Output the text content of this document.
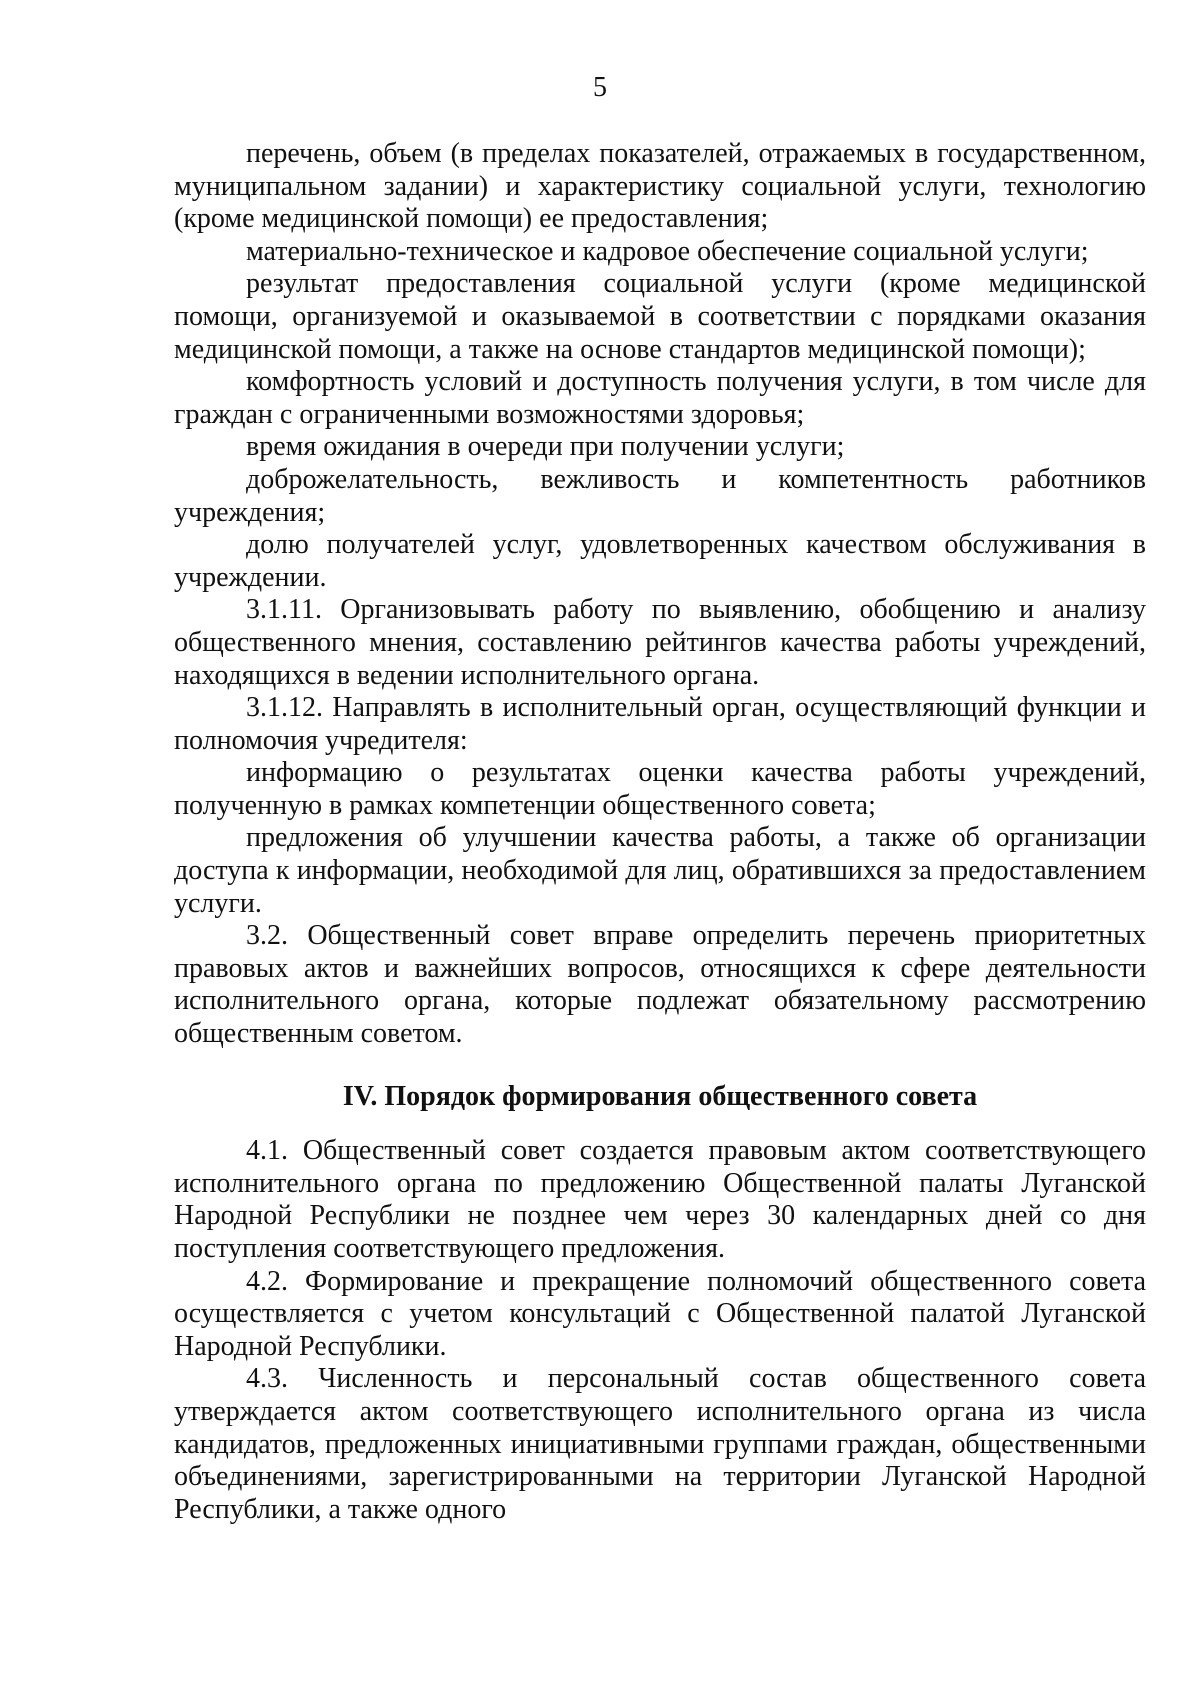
5

перечень, объем (в пределах показателей, отражаемых в государственном, муниципальном задании) и характеристику социальной услуги, технологию (кроме медицинской помощи) ее предоставления;

материально-техническое и кадровое обеспечение социальной услуги;

результат предоставления социальной услуги (кроме медицинской помощи, организуемой и оказываемой в соответствии с порядками оказания медицинской помощи, а также на основе стандартов медицинской помощи);

комфортность условий и доступность получения услуги, в том числе для граждан с ограниченными возможностями здоровья;

время ожидания в очереди при получении услуги;

доброжелательность, вежливость и компетентность работников учреждения;

долю получателей услуг, удовлетворенных качеством обслуживания в учреждении.

3.1.11. Организовывать работу по выявлению, обобщению и анализу общественного мнения, составлению рейтингов качества работы учреждений, находящихся в ведении исполнительного органа.

3.1.12. Направлять в исполнительный орган, осуществляющий функции и полномочия учредителя:

информацию о результатах оценки качества работы учреждений, полученную в рамках компетенции общественного совета;

предложения об улучшении качества работы, а также об организации доступа к информации, необходимой для лиц, обратившихся за предоставлением услуги.

3.2. Общественный совет вправе определить перечень приоритетных правовых актов и важнейших вопросов, относящихся к сфере деятельности исполнительного органа, которые подлежат обязательному рассмотрению общественным советом.

IV. Порядок формирования общественного совета

4.1. Общественный совет создается правовым актом соответствующего исполнительного органа по предложению Общественной палаты Луганской Народной Республики не позднее чем через 30 календарных дней со дня поступления соответствующего предложения.

4.2. Формирование и прекращение полномочий общественного совета осуществляется с учетом консультаций с Общественной палатой Луганской Народной Республики.

4.3. Численность и персональный состав общественного совета утверждается актом соответствующего исполнительного органа из числа кандидатов, предложенных инициативными группами граждан, общественными объединениями, зарегистрированными на территории Луганской Народной Республики, а также одного
